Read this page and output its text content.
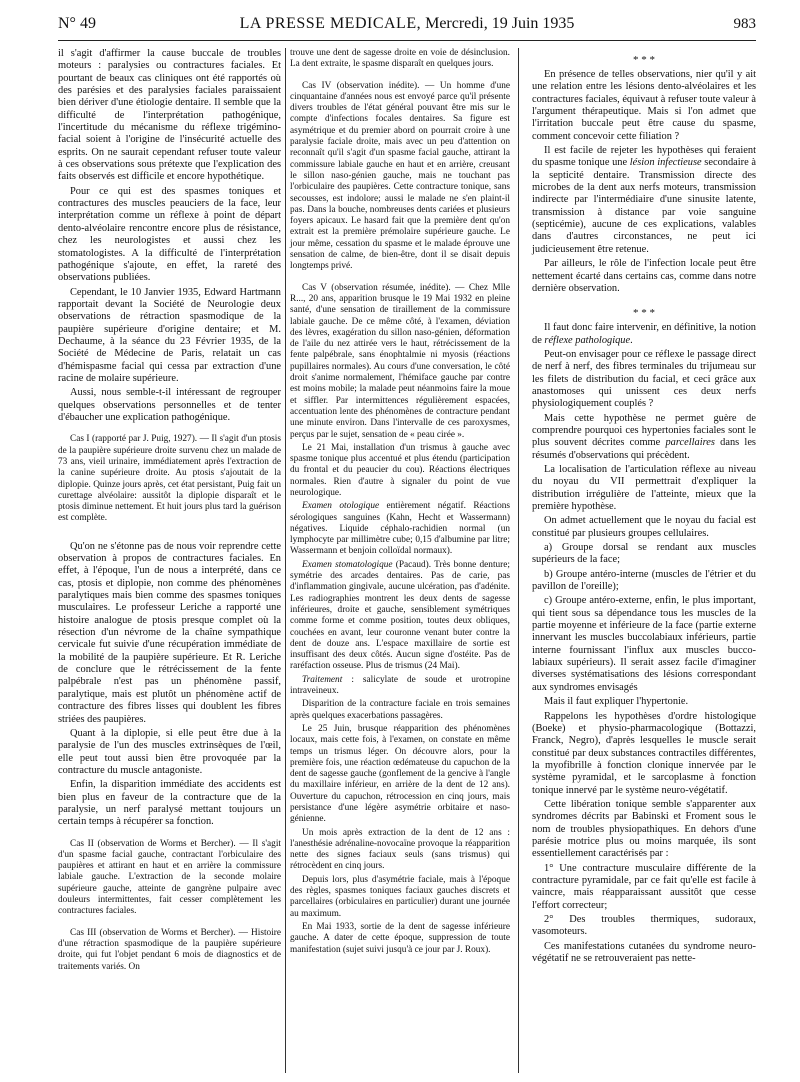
N° 49	LA PRESSE MEDICALE, Mercredi, 19 Juin 1935	983

il s'agit d'affirmer la cause buccale de troubles moteurs : paralysies ou contractures faciales. Et pourtant de beaux cas cliniques ont été rapportés où des parésies et des paralysies faciales paraissaient bien dériver d'une étiologie dentaire. Il semble que la difficulté de l'interprétation pathogénique, l'incertitude du mécanisme du réflexe trigémino-facial soient à l'origine de l'insécurité actuelle des esprits. On ne saurait cependant refuser toute valeur à ces observations sous prétexte que l'explication des faits observés est difficile et encore hypothétique.

Pour ce qui est des spasmes toniques et contractures des muscles peauciers de la face, leur interprétation comme un réflexe à point de départ dento-alvéolaire rencontre encore plus de résistance, chez les neurologistes et aussi chez les stomatologistes. A la difficulté de l'interprétation pathogénique s'ajoute, en effet, la rareté des observations publiées.

Cependant, le 10 Janvier 1935, Edward Hartmann rapportait devant la Société de Neurologie deux observations de rétraction spasmodique de la paupière supérieure d'origine dentaire; et M. Dechaume, à la séance du 23 Février 1935, de la Société de Médecine de Paris, relatait un cas d'hémispasme facial qui cessa par extraction d'une racine de molaire supérieure.

Aussi, nous semble-t-il intéressant de regrouper quelques observations personnelles et de tenter d'ébaucher une explication pathogénique.

Cas I (rapporté par J. Puig, 1927). — Il s'agit d'un ptosis de la paupière supérieure droite survenu chez un malade de 73 ans, vieil urinaire, immédiatement après l'extraction de la canine supérieure droite. Au ptosis s'ajoutait de la diplopie. Quinze jours après, cet état persistant, Puig fait un curettage alvéolaire: aussitôt la diplopie disparaît et le ptosis diminue nettement. Et huit jours plus tard la guérison est complète.

Qu'on ne s'étonne pas de nous voir reprendre cette observation à propos de contractures faciales. En effet, à l'époque, l'un de nous a interprété, dans ce cas, ptosis et diplopie, non comme des phénomènes paralytiques mais bien comme des spasmes toniques musculaires. Le professeur Leriche a rapporté une histoire analogue de ptosis presque complet où la résection d'un névrome de la chaîne sympathique cervicale fut suivie d'une récupération immédiate de la mobilité de la paupière supérieure. Et R. Leriche de conclure que le rétrécissement de la fente palpébrale n'est pas un phénomène passif, paralytique, mais est plutôt un phénomène actif de contracture des fibres lisses qui doublent les fibres striées des paupières.

Quant à la diplopie, si elle peut être due à la paralysie de l'un des muscles extrinsèques de l'œil, elle peut tout aussi bien être provoquée par la contracture du muscle antagoniste.

Enfin, la disparition immédiate des accidents est bien plus en faveur de la contracture que de la paralysie, un nerf paralysé mettant toujours un certain temps à récupérer sa fonction.

Cas II (observation de Worms et Bercher). — Il s'agit d'un spasme facial gauche, contractant l'orbiculaire des paupières et attirant en haut et en arrière la commissure labiale gauche. L'extraction de la seconde molaire supérieure gauche, atteinte de gangrène pulpaire avec douleurs intermittentes, fait cesser complètement les contractures faciales.

Cas III (observation de Worms et Bercher). — Histoire d'une rétraction spasmodique de la paupière supérieure droite, qui fut l'objet pendant 6 mois de diagnostics et de traitements variés. On

trouve une dent de sagesse droite en voie de désinclusion. La dent extraite, le spasme disparaît en quelques jours.

Cas IV (observation inédite). — Un homme d'une cinquantaine d'années nous est envoyé parce qu'il présente divers troubles de l'état général pouvant être mis sur le compte d'infections focales dentaires. Sa figure est asymétrique et du premier abord on pourrait croire à une paralysie faciale droite, mais avec un peu d'attention on reconnaît qu'il s'agit d'un spasme facial gauche, attirant la commissure labiale gauche en haut et en arrière, creusant le sillon naso-génien gauche, mais ne touchant pas l'orbiculaire des paupières. Cette contracture tonique, sans secousses, est indolore; aussi le malade ne s'en plaint-il pas. Dans la bouche, nombreuses dents cariées et plusieurs foyers apicaux. Le hasard fait que la première dent qu'on extrait est la première prémolaire supérieure gauche. Le jour même, cessation du spasme et le malade éprouve une sensation de calme, de bien-être, dont il se disait depuis longtemps privé.

Cas V (observation résumée, inédite). — Chez Mlle R..., 20 ans, apparition brusque le 19 Mai 1932 en pleine santé, d'une sensation de tiraillement de la commissure labiale gauche. De ce même côté, à l'examen, déviation des lèvres, exagération du sillon naso-génien, déformation de l'aile du nez attirée vers le haut, rétrécissement de la fente palpébrale, sans énophtalmie ni myosis (réactions pupillaires normales). Au cours d'une conversation, le côté droit s'anime normalement, l'hémiface gauche par contre est moins mobile; la malade peut néanmoins faire la moue et siffler. Par intermittences régulièrement espacées, accentuation lente des phénomènes de contracture pendant une minute environ. Dans l'intervalle de ces paroxysmes, perçus par le sujet, sensation de « peau cirée ».

Le 21 Mai, installation d'un trismus à gauche avec spasme tonique plus accentué et plus étendu (participation du frontal et du peaucier du cou). Réactions électriques normales. Rien d'autre à signaler du point de vue neurologique.

Examen otologique entièrement négatif. Réactions sérologiques sanguines (Kahn, Hecht et Wassermann) négatives. Liquide céphalo-rachidien normal (un lymphocyte par millimètre cube; 0,15 d'albumine par litre; Wassermann et benjoin colloïdal normaux).

Examen stomatologique (Pacaud). Très bonne denture; symétrie des arcades dentaires. Pas de carie, pas d'inflammation gingivale, aucune ulcération, pas d'adénite. Les radiographies montrent les deux dents de sagesse inférieures, droite et gauche, sensiblement symétriques comme forme et comme position, toutes deux obliques, couchées en avant, leur couronne venant buter contre la dent de douze ans. L'espace maxillaire de sortie est insuffisant des deux côtés. Aucun signe d'ostéite. Pas de raréfaction osseuse. Plus de trismus (24 Mai).

Traitement : salicylate de soude et urotropine intraveineux.

Disparition de la contracture faciale en trois semaines après quelques exacerbations passagères.

Le 25 Juin, brusque réapparition des phénomènes locaux, mais cette fois, à l'examen, on constate en même temps un trismus léger. On découvre alors, pour la première fois, une réaction œdémateuse du capuchon de la dent de sagesse gauche (gonflement de la gencive à l'angle du maxillaire inférieur, en arrière de la dent de 12 ans). Ouverture du capuchon, rétrocession en cinq jours, mais persistance d'une légère asymétrie orbitaire et naso-génienne.

Un mois après extraction de la dent de 12 ans : l'anesthésie adrénaline-novocaïne provoque la réapparition nette des signes faciaux seuls (sans trismus) qui rétrocèdent en cinq jours.

Depuis lors, plus d'asymétrie faciale, mais à l'époque des règles, spasmes toniques faciaux gauches discrets et parcellaires (orbiculaires en particulier) durant une journée au maximum.

En Mai 1933, sortie de la dent de sagesse inférieure gauche. A dater de cette époque, suppression de toute manifestation (sujet suivi jusqu'à ce jour par J. Roux).

* * *

En présence de telles observations, nier qu'il y ait une relation entre les lésions dento-alvéolaires et les contractures faciales, équivaut à refuser toute valeur à l'argument thérapeutique. Mais si l'on admet que l'irritation buccale peut être cause du spasme, comment concevoir cette filiation ?

Il est facile de rejeter les hypothèses qui feraient du spasme tonique une lésion infectieuse secondaire à la septicité dentaire. Transmission directe des microbes de la dent aux nerfs moteurs, transmission indirecte par l'intermédiaire d'une sinusite latente, transmission à distance par voie sanguine (septicémie), aucune de ces explications, valables dans d'autres circonstances, ne peut ici judicieusement être retenue.

Par ailleurs, le rôle de l'infection locale peut être nettement écarté dans certains cas, comme dans notre dernière observation.

* * *

Il faut donc faire intervenir, en définitive, la notion de réflexe pathologique.

Peut-on envisager pour ce réflexe le passage direct de nerf à nerf, des fibres terminales du trijumeau sur les filets de distribution du facial, et ceci grâce aux anastomoses qui unissent ces deux nerfs physiologiquement couplés ?

Mais cette hypothèse ne permet guère de comprendre pourquoi ces hypertonies faciales sont le plus souvent décrites comme parcellaires dans les résumés d'observations qui précèdent.

La localisation de l'articulation réflexe au niveau du noyau du VII permettrait d'expliquer la distribution irrégulière de l'atteinte, mieux que la première hypothèse.

On admet actuellement que le noyau du facial est constitué par plusieurs groupes cellulaires.

a) Groupe dorsal se rendant aux muscles supérieurs de la face;

b) Groupe antéro-interne (muscles de l'étrier et du pavillon de l'oreille);

c) Groupe antéro-externe, enfin, le plus important, qui tient sous sa dépendance tous les muscles de la partie moyenne et inférieure de la face (partie externe innervant les muscles buccolabiaux inférieurs, partie interne fournissant l'influx aux muscles bucco-labiaux supérieurs). Il serait assez facile d'imaginer diverses systématisations des lésions correspondant aux syndromes envisagés

Mais il faut expliquer l'hypertonie.

Rappelons les hypothèses d'ordre histologique (Boeke) et physio-pharmacologique (Bottazzi, Franck, Negro), d'après lesquelles le muscle serait constitué par deux substances contractiles différentes, la myofibrille à fonction clonique innervée par le système pyramidal, et le sarcoplasme à fonction tonique innervé par le système neuro-végétatif.

Cette libération tonique semble s'apparenter aux syndromes décrits par Babinski et Froment sous le nom de troubles physiopathiques. En dehors d'une parésie motrice plus ou moins marquée, ils sont essentiellement caractérisés par :

1° Une contracture musculaire différente de la contracture pyramidale, par ce fait qu'elle est facile à vaincre, mais réapparaissant aussitôt que cesse l'effort correcteur;

2° Des troubles thermiques, sudoraux, vasomoteurs.

Ces manifestations cutanées du syndrome neuro-végétatif ne se retrouveraient pas nette-
